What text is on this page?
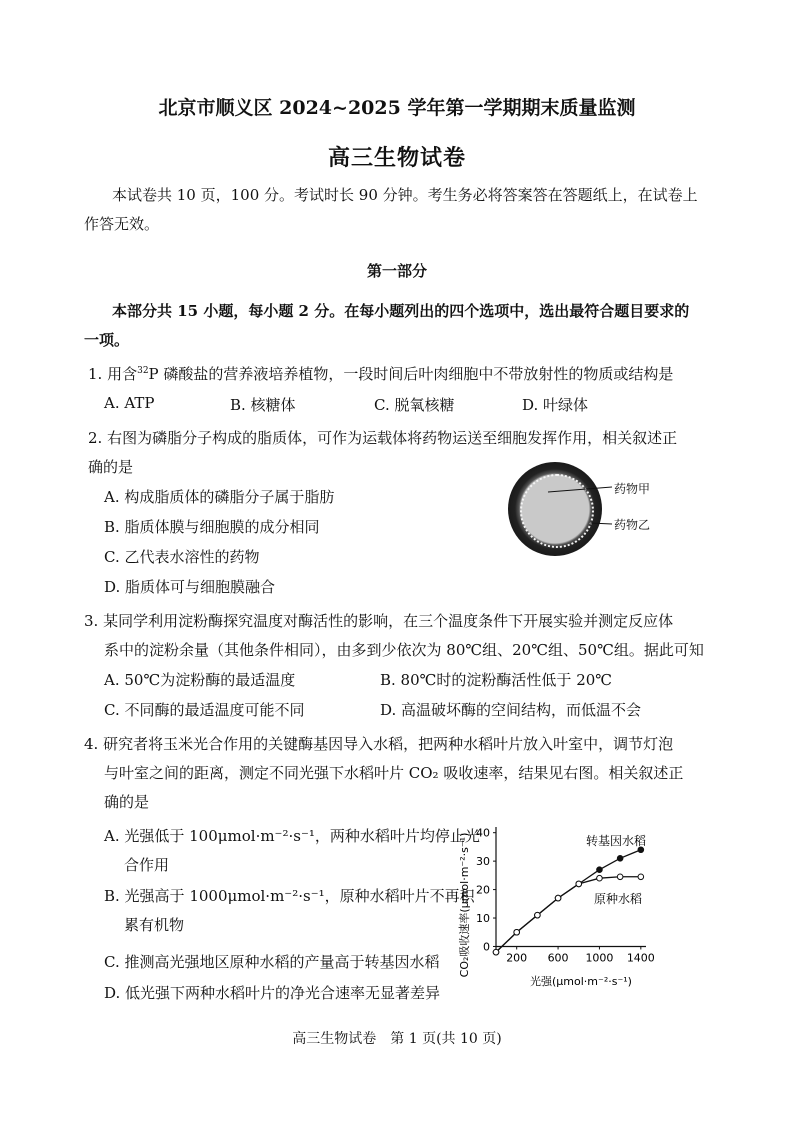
北京市顺义区 2024~2025 学年第一学期期末质量监测
高三生物试卷
本试卷共 10 页，100 分。考试时长 90 分钟。考生务必将答案答在答题纸上，在试卷上
作答无效。
第一部分
本部分共 15 小题，每小题 2 分。在每小题列出的四个选项中，选出最符合题目要求的
一项。
1. 用含$^{32}$P 磷酸盐的营养液培养植物，一段时间后叶肉细胞中不带放射性的物质或结构是
A. ATP	B. 核糖体	C. 脱氧核糖	D. 叶绿体
2. 右图为磷脂分子构成的脂质体，可作为运载体将药物运送至细胞发挥作用，相关叙述正
确的是
A. 构成脂质体的磷脂分子属于脂肪
B. 脂质体膜与细胞膜的成分相同
C. 乙代表水溶性的药物
D. 脂质体可与细胞膜融合
药物甲
药物乙
3. 某同学利用淀粉酶探究温度对酶活性的影响，在三个温度条件下开展实验并测定反应体
系中的淀粉余量（其他条件相同），由多到少依次为 80℃组、20℃组、50℃组。据此可知
A. 50℃为淀粉酶的最适温度	B. 80℃时的淀粉酶活性低于 20℃
C. 不同酶的最适温度可能不同	D. 高温破坏酶的空间结构，而低温不会
4. 研究者将玉米光合作用的关键酶基因导入水稻，把两种水稻叶片放入叶室中，调节灯泡
与叶室之间的距离，测定不同光强下水稻叶片 CO₂ 吸收速率，结果见右图。相关叙述正
确的是
A. 光强低于 100μmol·m⁻²·s⁻¹，两种水稻叶片均停止光
合作用
B. 光强高于 1000μmol·m⁻²·s⁻¹，原种水稻叶片不再积
累有机物
C. 推测高光强地区原种水稻的产量高于转基因水稻
D. 低光强下两种水稻叶片的净光合速率无显著差异
0
10
20
30
40
200 600 1000 1400
CO₂吸收速率(μmol·m⁻²·s⁻¹)
光强(μmol·m⁻²·s⁻¹)
转基因水稻
原种水稻
高三生物试卷　第 1 页(共 10 页)
